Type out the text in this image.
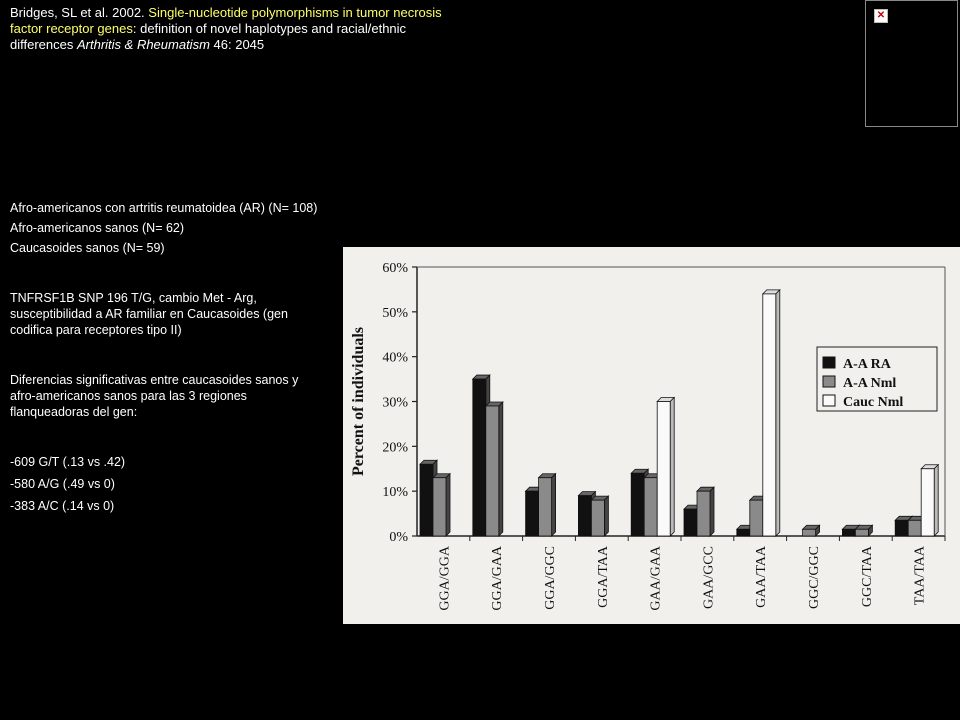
Bridges, SL et al. 2002. Single-nucleotide polymorphisms in tumor necrosis factor receptor genes: definition of novel haplotypes and racial/ethnic differences Arthritis & Rheumatism 46: 2045
✕

Afro-americanos con artritis reumatoidea (AR) (N= 108)

Afro-americanos sanos (N= 62)

Caucasoides sanos (N= 59)

TNFRSF1B SNP 196 T/G, cambio Met - Arg, susceptibilidad a AR familiar en Caucasoides (gen codifica para receptores tipo II)

Diferencias significativas entre caucasoides sanos y afro-americanos sanos para las 3 regiones flanqueadoras del gen:

-609 G/T (.13 vs .42)

-580 A/G (.49 vs 0)

-383 A/C (.14 vs 0)

0%
10%
20%
30%
40%
50%
60%
Percent of individuals
GGA/GGA	GGA/GAA	GGA/GGC	GGA/TAA	GAA/GAA	GAA/GCC	GAA/TAA	GGC/GGC	GGC/TAA	TAA/TAA
A-A RA
A-A Nml
Cauc Nml
